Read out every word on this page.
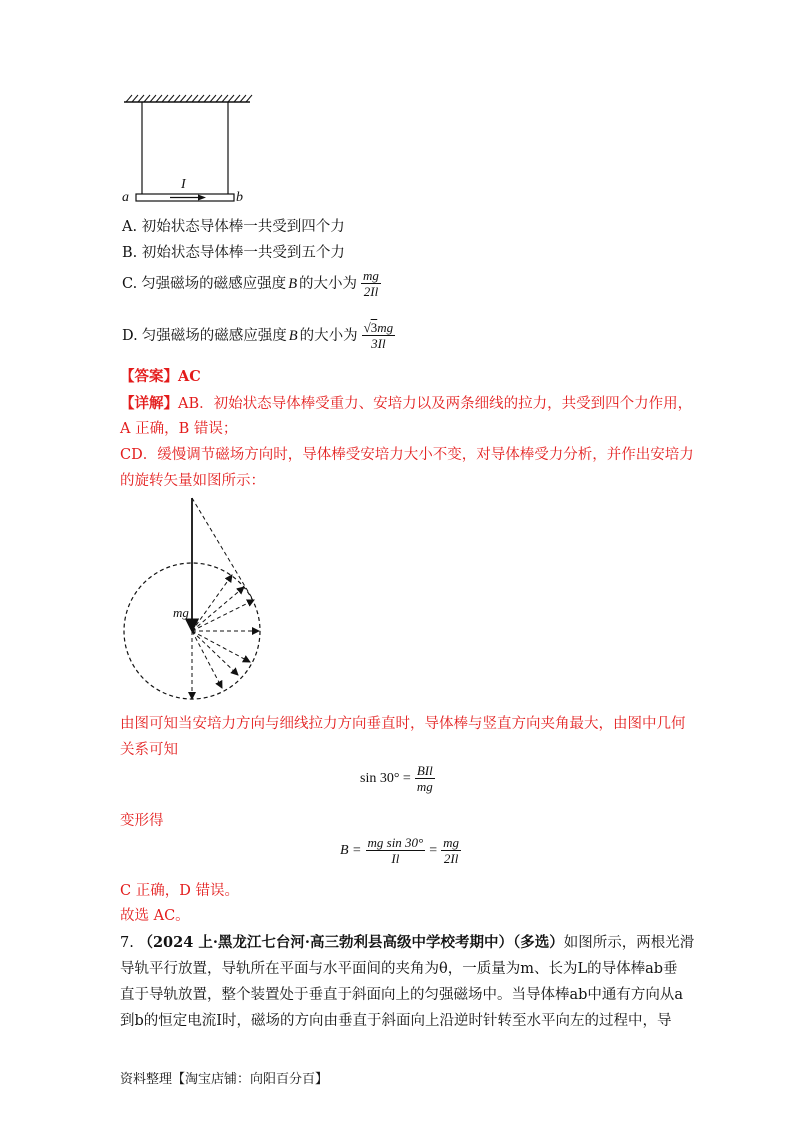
a
I
b
A. 初始状态导体棒一共受到四个力
B. 初始状态导体棒一共受到五个力
C. 匀强磁场的磁感应强度 B 的大小为 $\frac{mg}{2Il}$
D. 匀强磁场的磁感应强度 B 的大小为 $\frac{√3mg}{3Il}$
【答案】AC
【详解】AB．初始状态导体棒受重力、安培力以及两条细线的拉力，共受到四个力作用，
A 正确，B 错误；
CD．缓慢调节磁场方向时，导体棒受安培力大小不变，对导体棒受力分析，并作出安培力
的旋转矢量如图所示：
mg
由图可知当安培力方向与细线拉力方向垂直时，导体棒与竖直方向夹角最大，由图中几何
关系可知
$\sin 30^\circ = \frac{\text{BIl}}{mg}$
变形得
$B = \frac{\text{mg sin 30°}}{Il} = \frac{mg}{2Il}$
C 正确，D 错误。
故选 AC。
7. （2024 上·黑龙江七台河·高三勃利县高级中学校考期中）（多选）如图所示，两根光滑
导轨平行放置，导轨所在平面与水平面间的夹角为θ，一质量为m、长为L的导体棒ab垂
直于导轨放置，整个装置处于垂直于斜面向上的匀强磁场中。当导体棒ab中通有方向从a
到b的恒定电流I时，磁场的方向由垂直于斜面向上沿逆时针转至水平向左的过程中，导
资料整理【淘宝店铺：向阳百分百】
